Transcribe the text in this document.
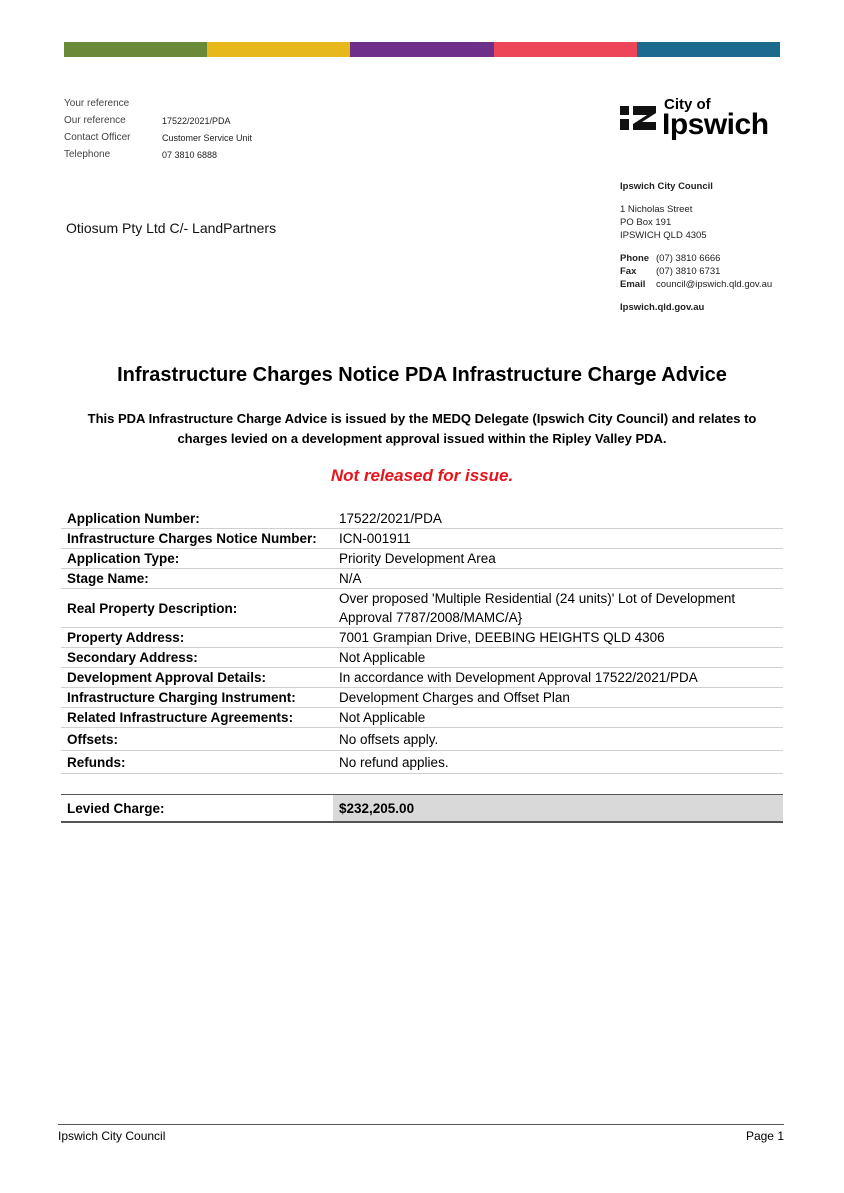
Your reference
Our reference	17522/2021/PDA
Contact Officer	Customer Service Unit
Telephone	07 3810 6888
City of
Ipswich
Ipswich City Council
1 Nicholas Street
PO Box 191
IPSWICH QLD 4305
Phone (07) 3810 6666
Fax (07) 3810 6731
Email council@ipswich.qld.gov.au
Ipswich.qld.gov.au
Otiosum Pty Ltd C/- LandPartners
Infrastructure Charges Notice PDA Infrastructure Charge Advice
This PDA Infrastructure Charge Advice is issued by the MEDQ Delegate (Ipswich City Council) and relates to charges levied on a development approval issued within the Ripley Valley PDA.
Not released for issue.
Application Number:	17522/2021/PDA
Infrastructure Charges Notice Number:	ICN-001911
Application Type:	Priority Development Area
Stage Name:	N/A
Real Property Description:	Over proposed 'Multiple Residential (24 units)' Lot of Development Approval 7787/2008/MAMC/A}
Property Address:	7001 Grampian Drive, DEEBING HEIGHTS QLD 4306
Secondary Address:	Not Applicable
Development Approval Details:	In accordance with Development Approval 17522/2021/PDA
Infrastructure Charging Instrument:	Development Charges and Offset Plan
Related Infrastructure Agreements:	Not Applicable
Offsets:	No offsets apply.
Refunds:	No refund applies.

Levied Charge:	$232,205.00
Ipswich City Council	Page 1
